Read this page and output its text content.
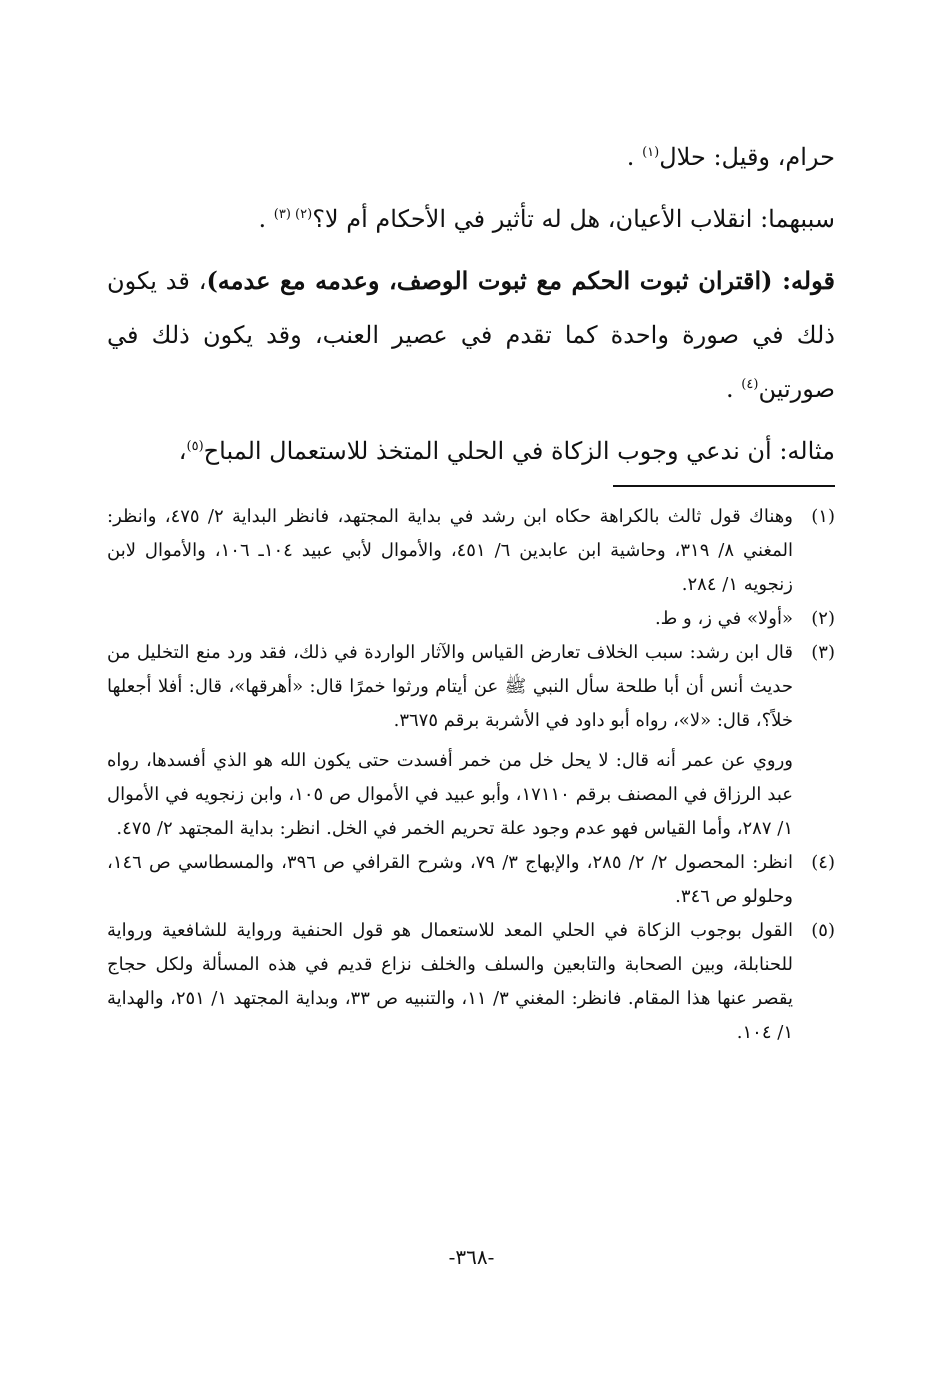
حرام، وقيل: حلال$^{(١)}$ .

سببهما: انقلاب الأعيان، هل له تأثير في الأحكام أم لا؟$^{(٢) (٣)}$ .

قوله: (اقتران ثبوت الحكم مع ثبوت الوصف، وعدمه مع عدمه)، قد يكون ذلك في صورة واحدة كما تقدم في عصير العنب، وقد يكون ذلك في صورتين$^{(٤)}$ .

مثاله: أن ندعي وجوب الزكاة في الحلي المتخذ للاستعمال المباح$^{(٥)}$،

(١)

وهناك قول ثالث بالكراهة حكاه ابن رشد في بداية المجتهد، فانظر البداية ٢/ ٤٧٥، وانظر: المغني ٨/ ٣١٩، وحاشية ابن عابدين ٦/ ٤٥١، والأموال لأبي عبيد ١٠٤ـ ١٠٦، والأموال لابن زنجويه ١/ ٢٨٤.

(٢)

«أولا» في ز، و ط.

(٣)

قال ابن رشد: سبب الخلاف تعارض القياس والآثار الواردة في ذلك، فقد ورد منع التخليل من حديث أنس أن أبا طلحة سأل النبي ﷺ عن أيتام ورثوا خمرًا قال: «أهرقها»، قال: أفلا أجعلها خلاً؟، قال: «لا»، رواه أبو داود في الأشربة برقم ٣٦٧٥.

وروي عن عمر أنه قال: لا يحل خل من خمر أفسدت حتى يكون الله هو الذي أفسدها، رواه عبد الرزاق في المصنف برقم ١٧١١٠، وأبو عبيد في الأموال ص ١٠٥، وابن زنجويه في الأموال ١/ ٢٨٧، وأما القياس فهو عدم وجود علة تحريم الخمر في الخل. انظر: بداية المجتهد ٢/ ٤٧٥.

(٤)

انظر: المحصول ٢/ ٢/ ٢٨٥، والإبهاج ٣/ ٧٩، وشرح القرافي ص ٣٩٦، والمسطاسي ص ١٤٦، وحلولو ص ٣٤٦.

(٥)

القول بوجوب الزكاة في الحلي المعد للاستعمال هو قول الحنفية ورواية للشافعية ورواية للحنابلة، وبين الصحابة والتابعين والسلف والخلف نزاع قديم في هذه المسألة ولكل حجاج يقصر عنها هذا المقام. فانظر: المغني ٣/ ١١، والتنبيه ص ٣٣، وبداية المجتهد ١/ ٢٥١، والهداية ١/ ١٠٤.

-٣٦٨-
